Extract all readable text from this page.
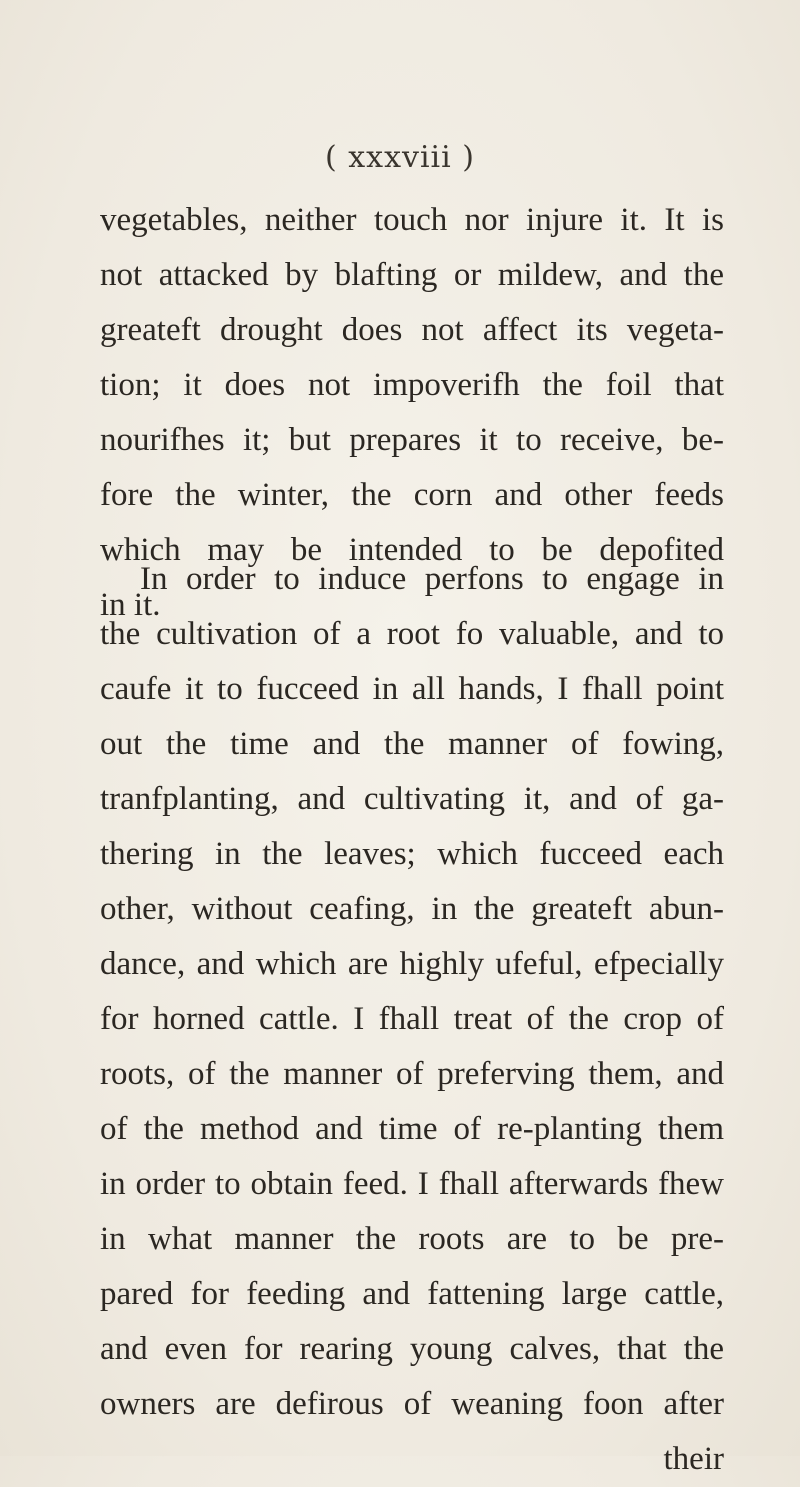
( xxxviii )
vegetables, neither touch nor injure it. It is
not attacked by blafting or mildew, and the
greateft drought does not affect its vegeta-
tion; it does not impoverifh the foil that
nourifhes it; but prepares it to receive, be-
fore the winter, the corn and other feeds
which may be intended to be depofited
in it.
In order to induce perfons to engage in
the cultivation of a root fo valuable, and to
caufe it to fucceed in all hands, I fhall point
out the time and the manner of fowing,
tranfplanting, and cultivating it, and of ga-
thering in the leaves; which fucceed each
other, without ceafing, in the greateft abun-
dance, and which are highly ufeful, efpecially
for horned cattle. I fhall treat of the crop of
roots, of the manner of preferving them, and
of the method and time of re-planting them
in order to obtain feed. I fhall afterwards fhew
in what manner the roots are to be pre-
pared for feeding and fattening large cattle,
and even for rearing young calves, that the
owners are defirous of weaning foon after
their
